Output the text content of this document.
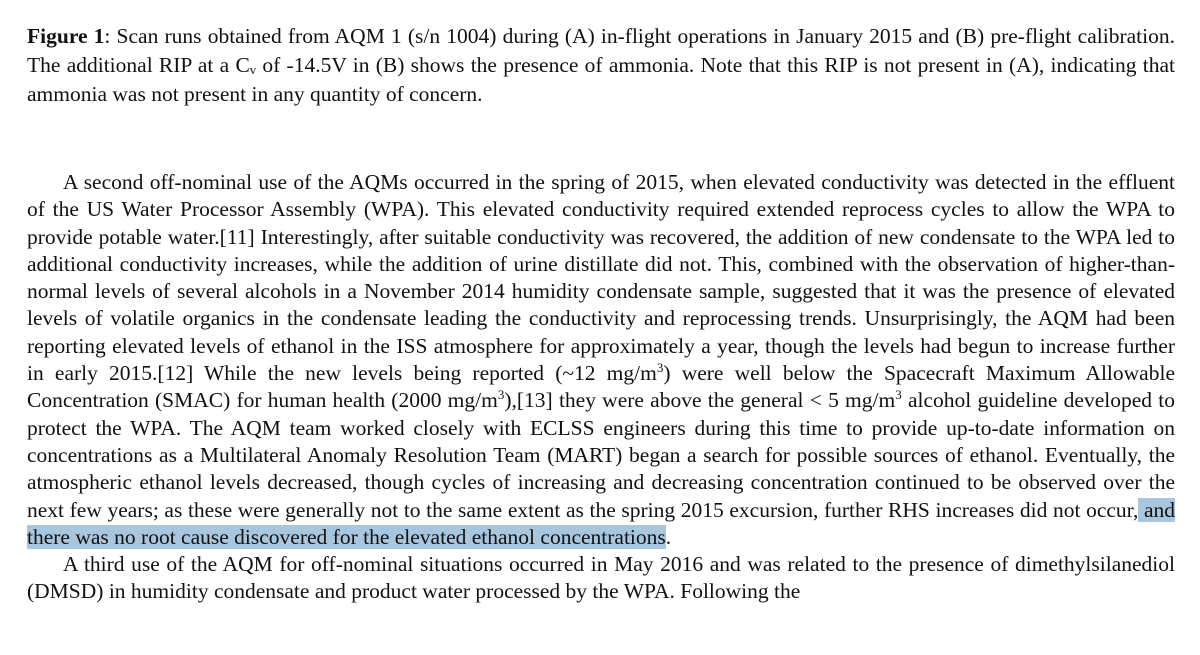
Figure 1: Scan runs obtained from AQM 1 (s/n 1004) during (A) in-flight operations in January 2015 and (B) pre-flight calibration. The additional RIP at a Cᵥ of -14.5V in (B) shows the presence of ammonia. Note that this RIP is not present in (A), indicating that ammonia was not present in any quantity of concern.

A second off-nominal use of the AQMs occurred in the spring of 2015, when elevated conductivity was detected in the effluent of the US Water Processor Assembly (WPA). This elevated conductivity required extended reprocess cycles to allow the WPA to provide potable water.[11] Interestingly, after suitable conductivity was recovered, the addition of new condensate to the WPA led to additional conductivity increases, while the addition of urine distillate did not. This, combined with the observation of higher-than-normal levels of several alcohols in a November 2014 humidity condensate sample, suggested that it was the presence of elevated levels of volatile organics in the condensate leading the conductivity and reprocessing trends. Unsurprisingly, the AQM had been reporting elevated levels of ethanol in the ISS atmosphere for approximately a year, though the levels had begun to increase further in early 2015.[12] While the new levels being reported (~12 $mg/m^3$) were well below the Spacecraft Maximum Allowable Concentration (SMAC) for human health (2000 $mg/m^3),[13]$ they were above the general < 5 $mg/m^3$ alcohol guideline developed to protect the WPA. The AQM team worked closely with ECLSS engineers during this time to provide up-to-date information on concentrations as a Multilateral Anomaly Resolution Team (MART) began a search for possible sources of ethanol. Eventually, the atmospheric ethanol levels decreased, though cycles of increasing and decreasing concentration continued to be observed over the next few years; as these were generally not to the same extent as the spring 2015 excursion, further RHS increases did not occur, and there was no root cause discovered for the elevated ethanol concentrations.

A third use of the AQM for off-nominal situations occurred in May 2016 and was related to the presence of dimethylsilanediol (DMSD) in humidity condensate and product water processed by the WPA. Following the
